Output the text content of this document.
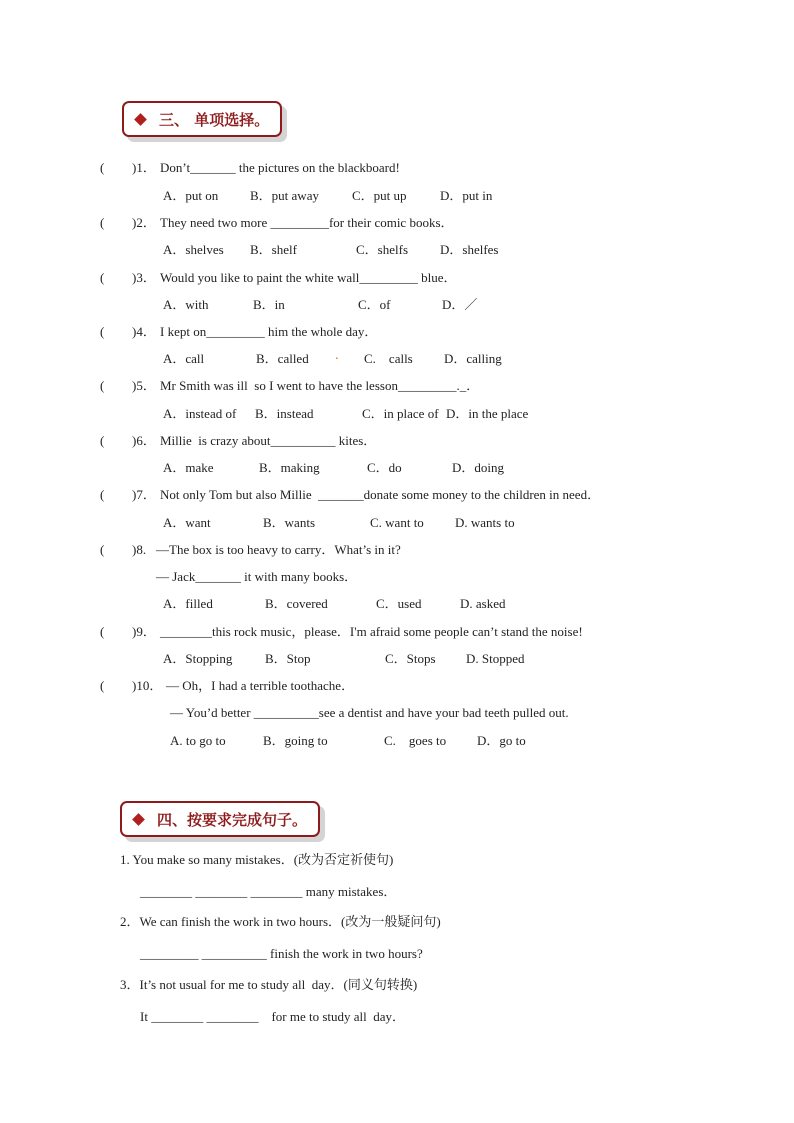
三、 单项选择。
( )1． Don’t_______ the pictures on the blackboard!
A．put on B．put away	C．put up	D．put in
( )2． They need two more _________for their comic books．
A．shelves B．shelf	C．shelfs D．shelfes
( )3． Would you like to paint the white wall_________ blue．
A．with	B．in	C．of	D．／
( )4． I kept on_________ him the whole day．
A．call	B．called . C.    calls D．calling
( )5． Mr Smith was ill  so I went to have the lesson_________._．
A．instead of B．instead	C．in place of D．in the place
( )6． Millie  is crazy about__________ kites．
A．make	B．making	C．do	D．doing
( )7． Not only Tom but also Millie  _______donate some money to the children in need．
A．want	B．wants	C. want to D. wants to
( )8. —The box is too heavy to carry．What’s in it?
— Jack_______ it with many books．
A．filled	B．covered	C．used	D. asked
( )9． ________this rock music，please．I'm afraid some people can’t stand the noise!
A．Stopping	B．Stop	C．Stops D. Stopped
( )10． — Oh，I had a terrible toothache．
— You’d better __________see a dentist and have your bad teeth pulled out.
A. to go to	B．going to	C.    goes to D．go to
四、按要求完成句子。
1. You make so many mistakes．(改为否定祈使句)
________ ________ ________ many mistakes．
2．We can finish the work in two hours．(改为一般疑问句)
_________ __________ finish the work in two hours?
3．It’s not usual for me to study all  day．(同义句转换)
It ________ ________    for me to study all  day．
